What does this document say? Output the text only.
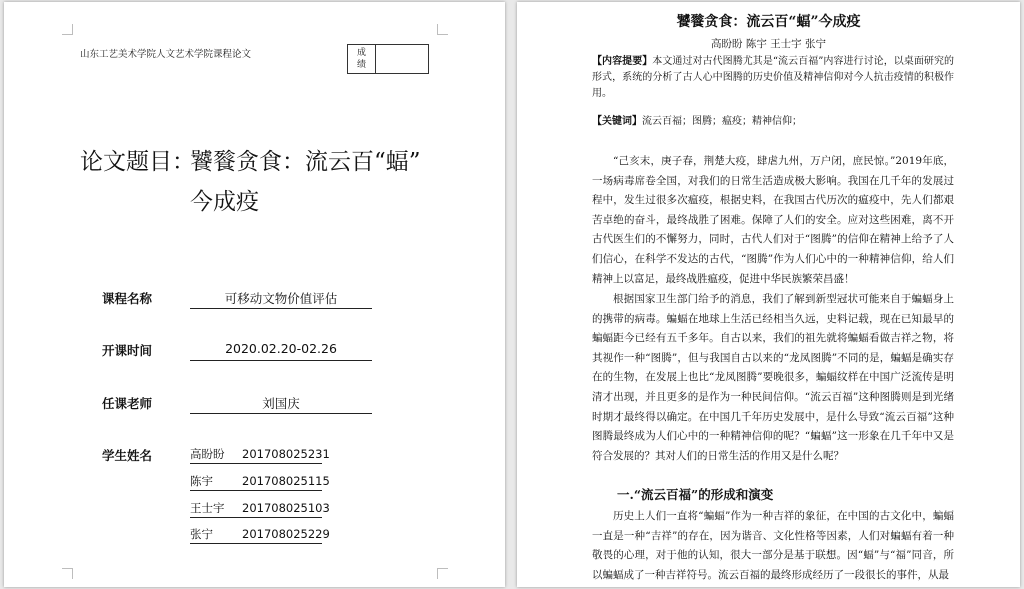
山东工艺美术学院人文艺术学院课程论文	成
绩
论文题目：
饕餮贪食：流云百“蝠”
今成疫
课程名称	可移动文物价值评估
开课时间	2020.02.20-02.26
任课老师	刘国庆
学生姓名	高盼盼 201708025231
陈宇	201708025115
王士宇 201708025103
张宁	201708025229
饕餮贪食：流云百“蝠”今成疫
高盼盼 陈宇 王士宇 张宁
【内容提要】本文通过对古代图腾尤其是“流云百福”内容进行讨论，以桌面研究的形式，系统的分析了古人心中图腾的历史价值及精神信仰对今人抗击疫情的积极作用。
【关键词】流云百福；图腾；瘟疫；精神信仰；

“己亥末，庚子春，荆楚大疫，肆虐九州，万户闭，庶民惊。”2019年底，一场病毒席卷全国，对我们的日常生活造成极大影响。我国在几千年的发展过程中，发生过很多次瘟疫，根据史料，在我国古代历次的瘟疫中，先人们都艰苦卓绝的奋斗，最终战胜了困难。保障了人们的安全。应对这些困难，离不开古代医生们的不懈努力，同时，古代人们对于“图腾”的信仰在精神上给予了人们信心，在科学不发达的古代，“图腾”作为人们心中的一种精神信仰，给人们精神上以富足，最终战胜瘟疫，促进中华民族繁荣昌盛！

根据国家卫生部门给予的消息，我们了解到新型冠状可能来自于蝙蝠身上的携带的病毒。蝙蝠在地球上生活已经相当久远，史料记载，现在已知最早的蝙蝠距今已经有五千多年。自古以来，我们的祖先就将蝙蝠看做吉祥之物，将其视作一种“图腾”，但与我国自古以来的“龙凤图腾”不同的是，蝙蝠是确实存在的生物，在发展上也比“龙凤图腾”要晚很多，蝙蝠纹样在中国广泛流传是明清才出现，并且更多的是作为一种民间信仰。“流云百福”这种图腾则是到光绪时期才最终得以确定。在中国几千年历史发展中，是什么导致“流云百福”这种图腾最终成为人们心中的一种精神信仰的呢？“蝙蝠”这一形象在几千年中又是符合发展的？其对人们的日常生活的作用又是什么呢？

一.“流云百福”的形成和演变

历史上人们一直将“蝙蝠”作为一种吉祥的象征，在中国的古文化中，蝙蝠一直是一种“吉祥”的存在，因为谐音、文化性格等因素，人们对蝙蝠有着一种敬畏的心理，对于他的认知，很大一部分是基于联想。因“蝠”与“福”同音，所以蝙蝠成了一种吉祥符号。流云百福的最终形成经历了一段很长的事件，从最
